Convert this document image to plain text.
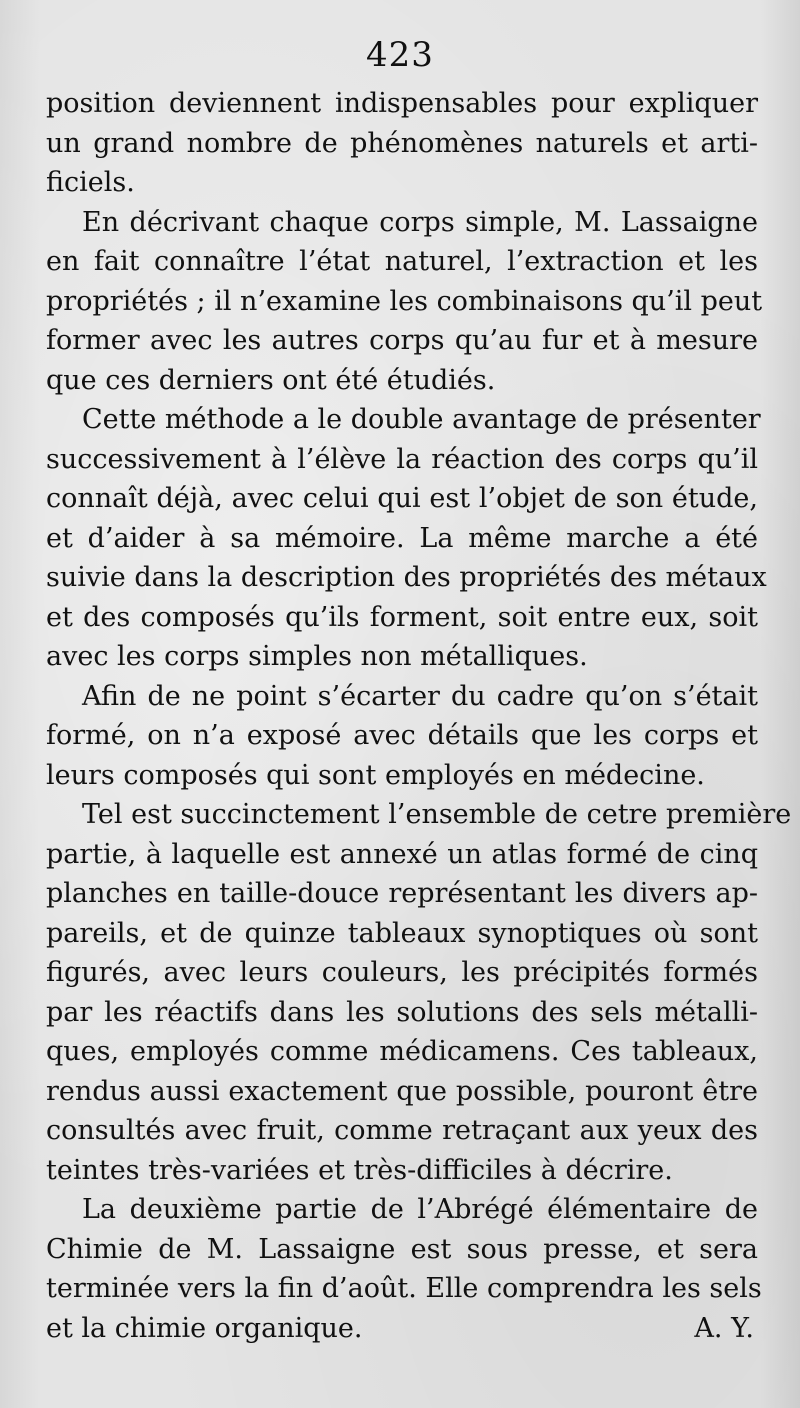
423
position deviennent indispensables pour expliquer
un grand nombre de phénomènes naturels et arti-
ficiels.
En décrivant chaque corps simple, M. Lassaigne
en fait connaître l’état naturel, l’extraction et les
propriétés ; il n’examine les combinaisons qu’il peut
former avec les autres corps qu’au fur et à mesure
que ces derniers ont été étudiés.
Cette méthode a le double avantage de présenter
successivement à l’élève la réaction des corps qu’il
connaît déjà, avec celui qui est l’objet de son étude,
et d’aider à sa mémoire. La même marche a été
suivie dans la description des propriétés des métaux
et des composés qu’ils forment, soit entre eux, soit
avec les corps simples non métalliques.
Afin de ne point s’écarter du cadre qu’on s’était
formé, on n’a exposé avec détails que les corps et
leurs composés qui sont employés en médecine.
Tel est succinctement l’ensemble de cetre première
partie, à laquelle est annexé un atlas formé de cinq
planches en taille-douce représentant les divers ap-
pareils, et de quinze tableaux synoptiques où sont
figurés, avec leurs couleurs, les précipités formés
par les réactifs dans les solutions des sels métalli-
ques, employés comme médicamens. Ces tableaux,
rendus aussi exactement que possible, pouront être
consultés avec fruit, comme retraçant aux yeux des
teintes très-variées et très-difficiles à décrire.
La deuxième partie de l’Abrégé élémentaire de
Chimie de M. Lassaigne est sous presse, et sera
terminée vers la fin d’août. Elle comprendra les sels
et la chimie organique.	A. Y.
